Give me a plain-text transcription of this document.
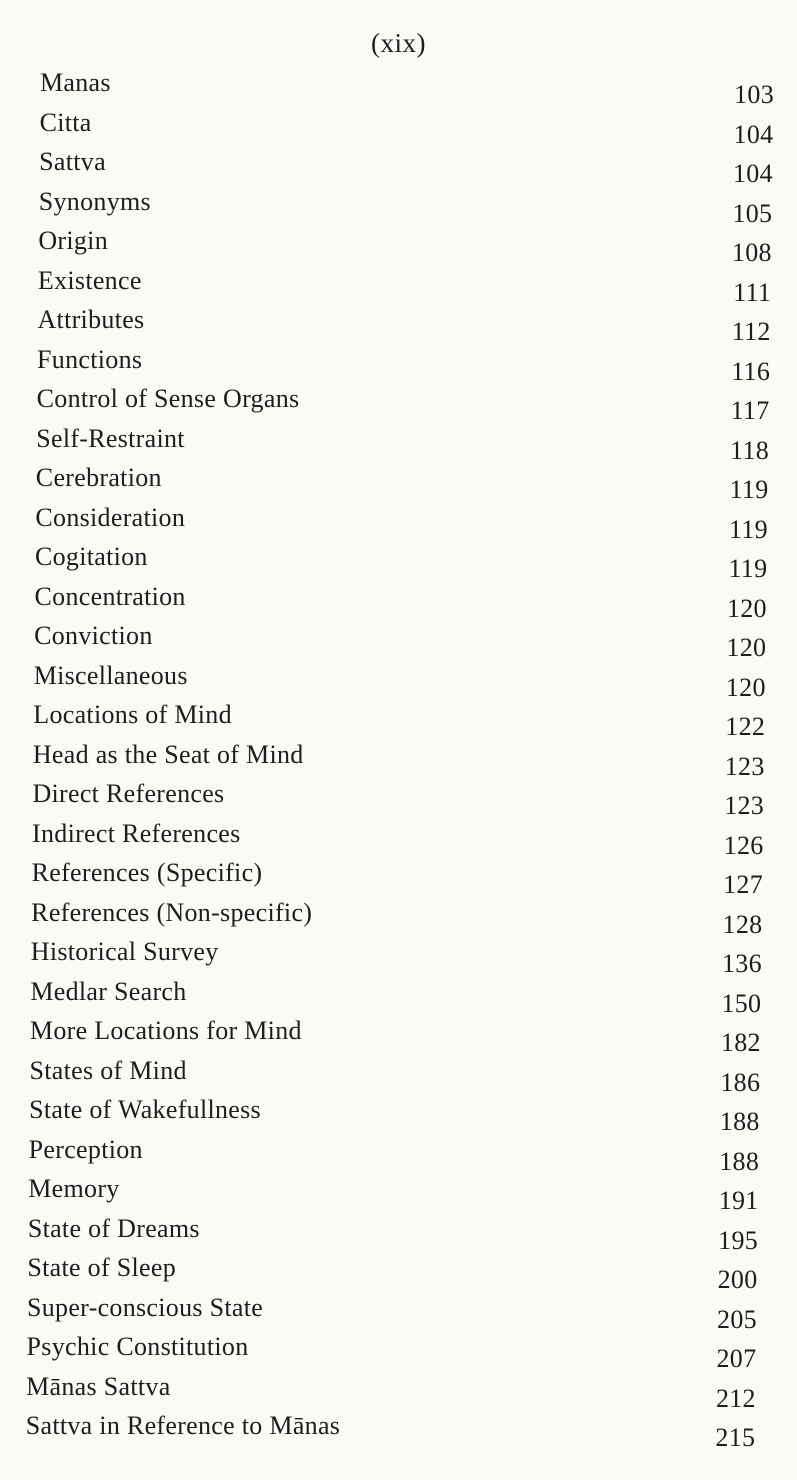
(xix)
Manas	103
Citta	104
Sattva	104
Synonyms	105
Origin	108
Existence	111
Attributes	112
Functions	116
Control of Sense Organs	117
Self-Restraint	118
Cerebration	119
Consideration	119
Cogitation	119
Concentration	120
Conviction	120
Miscellaneous	120
Locations of Mind	122
Head as the Seat of Mind	123
Direct References	123
Indirect References	126
References (Specific)	127
References (Non-specific)	128
Historical Survey	136
Medlar Search	150
More Locations for Mind	182
States of Mind	186
State of Wakefullness	188
Perception	188
Memory	191
State of Dreams	195
State of Sleep	200
Super-conscious State	205
Psychic Constitution	207
Mānas Sattva	212
Sattva in Reference to Mānas	215
